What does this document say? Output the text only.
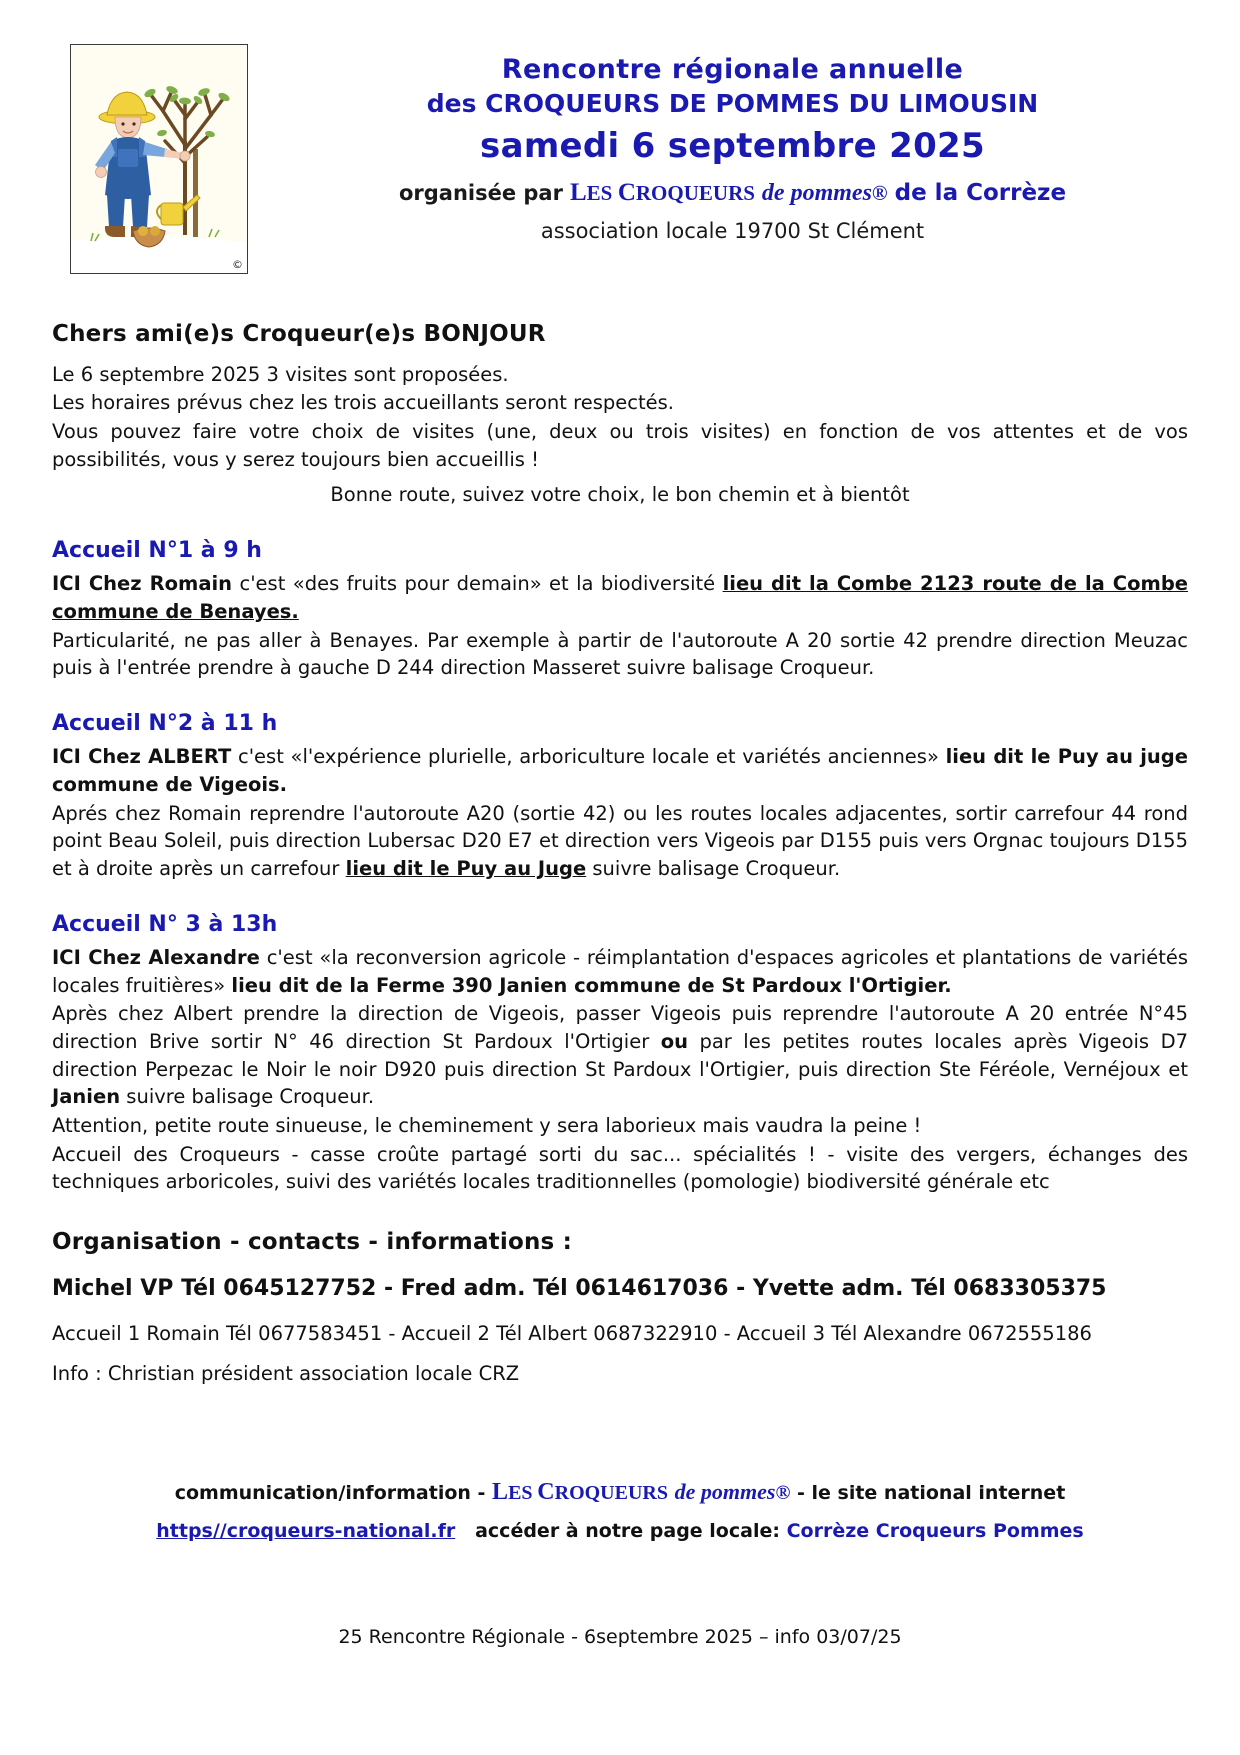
©
Rencontre régionale annuelle
des CROQUEURS DE POMMES DU LIMOUSIN
samedi 6 septembre 2025
organisée par LES CROQUEURS de pommes® de la Corrèze
association locale 19700 St Clément
Chers ami(e)s Croqueur(e)s BONJOUR

Le 6 septembre 2025 3 visites sont proposées.

Les horaires prévus chez les trois accueillants seront respectés.

Vous pouvez faire votre choix de visites (une, deux ou trois visites) en fonction de vos attentes et de vos possibilités, vous y serez toujours bien accueillis !

Bonne route, suivez votre choix, le bon chemin et à bientôt

Accueil N°1 à 9 h

ICI Chez Romain c'est «des fruits pour demain» et la biodiversité lieu dit la Combe 2123 route de la Combe commune de Benayes.

Particularité, ne pas aller à Benayes. Par exemple à partir de l'autoroute A 20 sortie 42 prendre direction Meuzac puis à l'entrée prendre à gauche D 244 direction Masseret suivre balisage Croqueur.

Accueil N°2 à 11 h

ICI Chez ALBERT c'est «l'expérience plurielle, arboriculture locale et variétés anciennes» lieu dit le Puy au juge commune de Vigeois.

Aprés chez Romain reprendre l'autoroute A20 (sortie 42) ou les routes locales adjacentes, sortir carrefour 44 rond point Beau Soleil, puis direction Lubersac D20 E7 et direction vers Vigeois par D155 puis vers Orgnac toujours D155 et à droite après un carrefour lieu dit le Puy au Juge suivre balisage Croqueur.

Accueil N° 3 à 13h

ICI Chez Alexandre c'est «la reconversion agricole - réimplantation d'espaces agricoles et plantations de variétés locales fruitières» lieu dit de la Ferme 390 Janien commune de St Pardoux l'Ortigier.

Après chez Albert prendre la direction de Vigeois, passer Vigeois puis reprendre l'autoroute A 20 entrée N°45 direction Brive sortir N° 46 direction St Pardoux l'Ortigier ou par les petites routes locales après Vigeois D7 direction Perpezac le Noir le noir D920 puis direction St Pardoux l'Ortigier, puis direction Ste Féréole, Vernéjoux et Janien suivre balisage Croqueur.

Attention, petite route sinueuse, le cheminement y sera laborieux mais vaudra la peine !

Accueil des Croqueurs - casse croûte partagé sorti du sac... spécialités ! - visite des vergers, échanges des techniques arboricoles, suivi des variétés locales traditionnelles (pomologie) biodiversité générale etc

Organisation - contacts - informations :
Michel VP Tél 0645127752 - Fred adm. Tél 0614617036 - Yvette adm. Tél 0683305375
Accueil 1 Romain Tél 0677583451 - Accueil 2 Tél Albert 0687322910 - Accueil 3 Tél Alexandre 0672555186
Info : Christian président association locale CRZ
communication/information - LES CROQUEURS de pommes® - le site national internet
https//croqueurs-national.fr accéder à notre page locale: Corrèze Croqueurs Pommes
25 Rencontre Régionale - 6septembre 2025 – info 03/07/25
